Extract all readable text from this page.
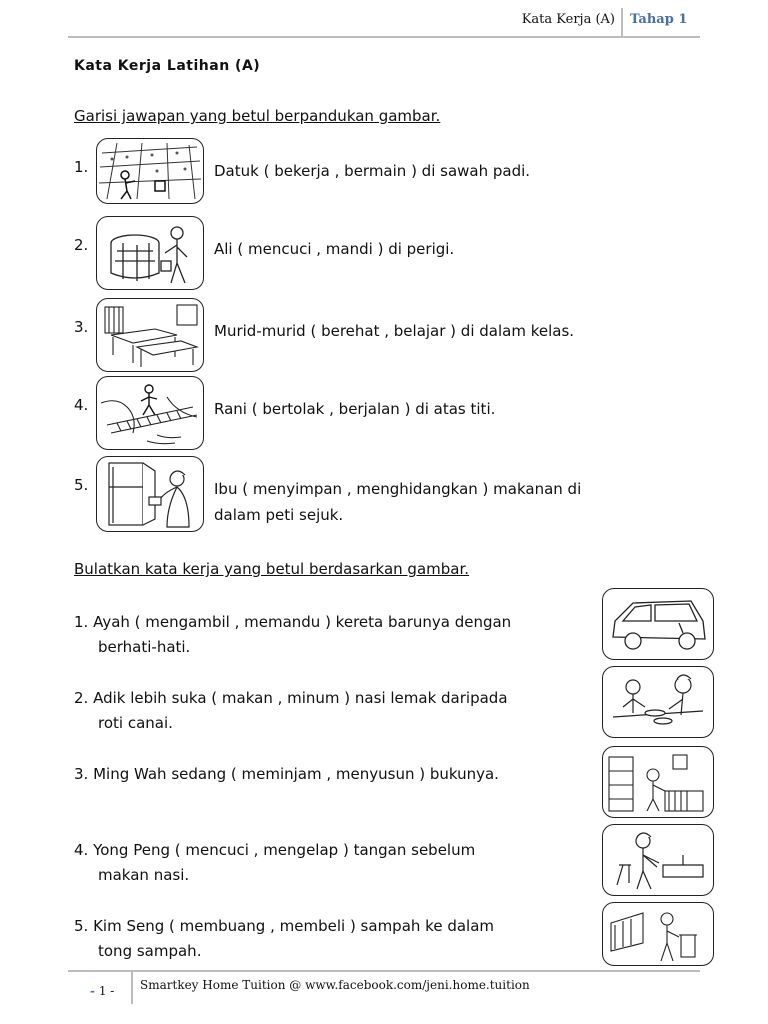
Kata Kerja (A) Tahap 1
Kata Kerja Latihan (A)
Garisi jawapan yang betul berpandukan gambar.
1.	Datuk ( bekerja , bermain ) di sawah padi.
2.	Ali ( mencuci , mandi ) di perigi.
3.	Murid-murid ( berehat , belajar ) di dalam kelas.
4.	Rani ( bertolak , berjalan ) di atas titi.
5.	Ibu ( menyimpan , menghidangkan ) makanan di
dalam peti sejuk.
Bulatkan kata kerja yang betul berdasarkan gambar.
1. Ayah ( mengambil , memandu ) kereta barunya dengan
berhati-hati.
2. Adik lebih suka ( makan , minum ) nasi lemak daripada
roti canai.
3. Ming Wah sedang ( meminjam , menyusun ) bukunya.
4. Yong Peng ( mencuci , mengelap ) tangan sebelum
makan nasi.
5. Kim Seng ( membuang , membeli ) sampah ke dalam
tong sampah.
- 1 - Smartkey Home Tuition @ www.facebook.com/jeni.home.tuition
